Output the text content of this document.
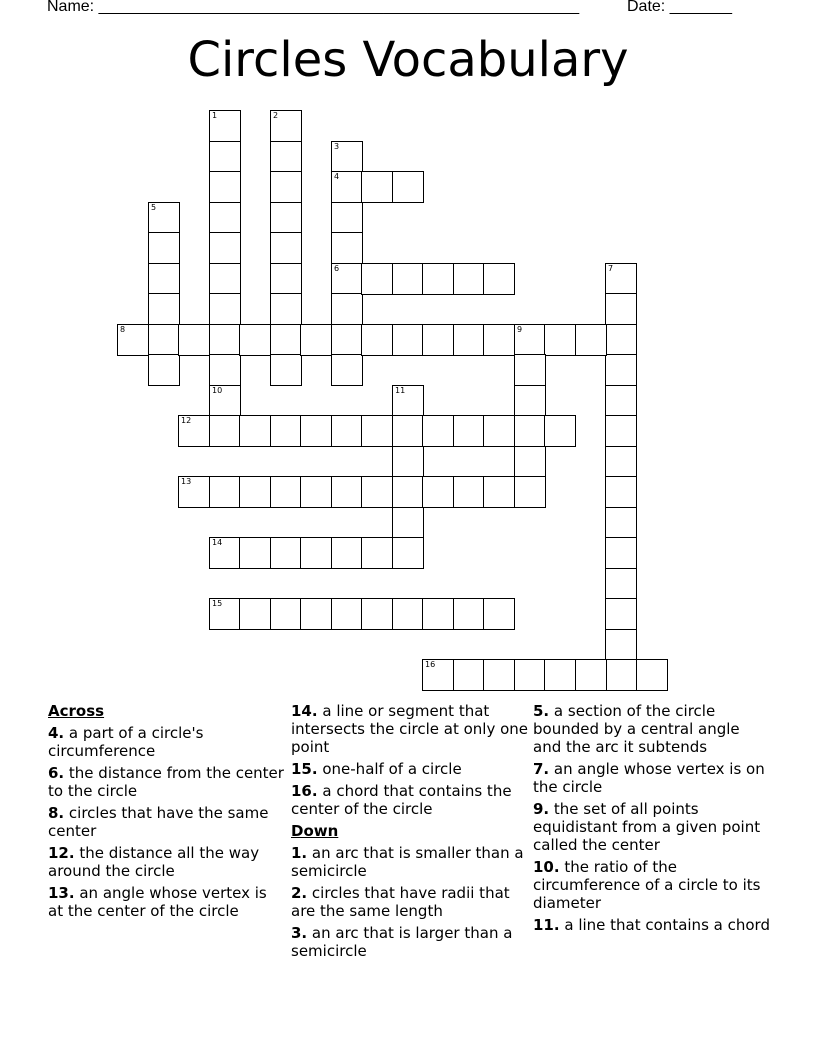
Name: ______________________________________________________	Date: _______
Circles Vocabulary
1	2
3
4
6
5
7
8	9
10	11
12
13
14
15
16
Across
4. a part of a circle's circumference
6. the distance from the center to the circle
8. circles that have the same center
12. the distance all the way around the circle
13. an angle whose vertex is at the center of the circle
14. a line or segment that intersects the circle at only one point
15. one-half of a circle
16. a chord that contains the center of the circle
Down
1. an arc that is smaller than a semicircle
2. circles that have radii that are the same length
3. an arc that is larger than a semicircle
5. a section of the circle bounded by a central angle and the arc it subtends
7. an angle whose vertex is on the circle
9. the set of all points equidistant from a given point called the center
10. the ratio of the circumference of a circle to its diameter
11. a line that contains a chord
